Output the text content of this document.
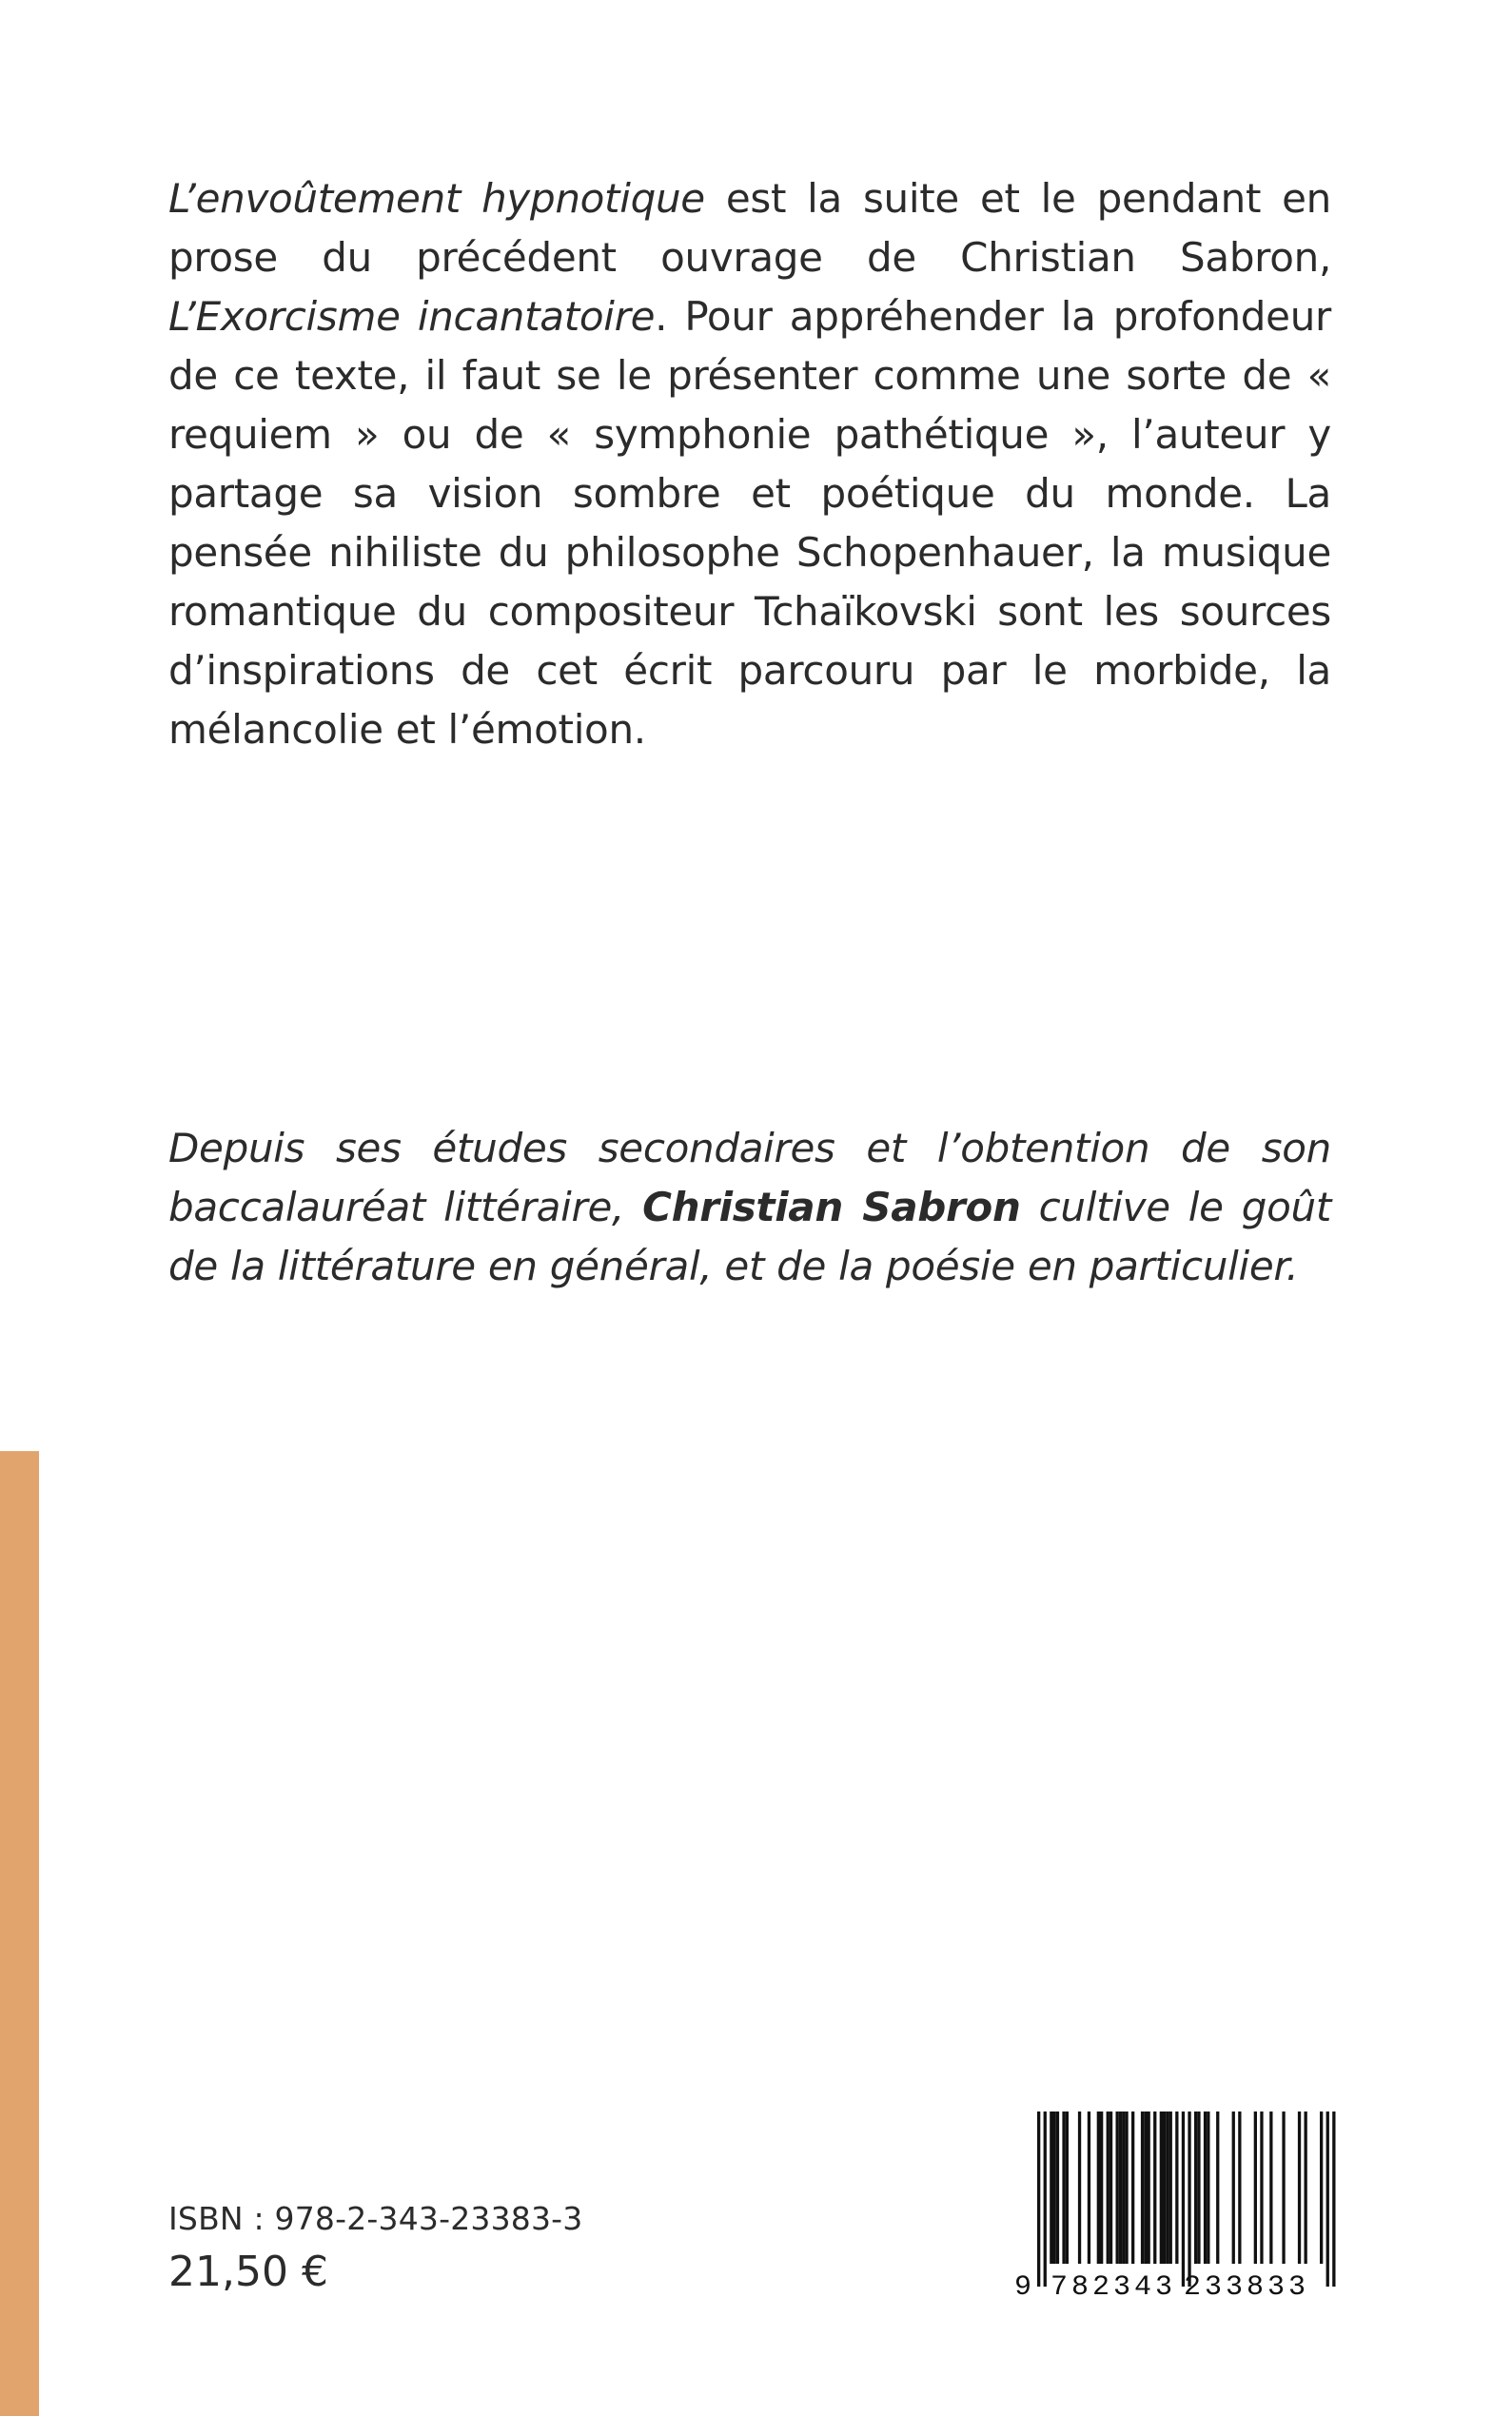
L’envoûtement hypnotique est la suite et le pendant en prose du précédent ouvrage de Christian Sabron, L’Exorcisme incantatoire. Pour appréhender la profondeur de ce texte, il faut se le présenter comme une sorte de « requiem » ou de « symphonie pathétique », l’auteur y partage sa vision sombre et poétique du monde. La pensée nihiliste du philosophe Schopenhauer, la musique romantique du compositeur Tchaïkovski sont les sources d’inspirations de cet écrit parcouru par le morbide, la mélancolie et l’émotion.

Depuis ses études secondaires et l’obtention de son baccalauréat littéraire, Christian Sabron cultive le goût de la littérature en général, et de la poésie en particulier.

ISBN : 978-2-343-23383-3
21,50 €	9 782343 233833
